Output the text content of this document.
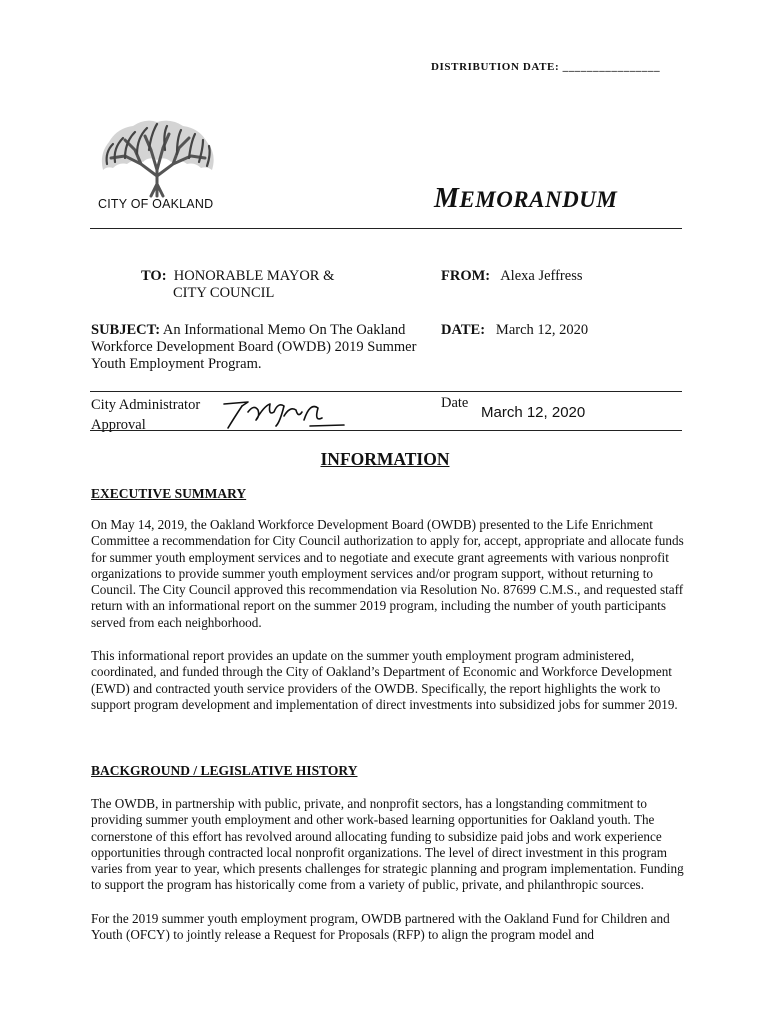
DISTRIBUTION DATE: ________________
CITY OF OAKLAND	MEMORANDUM
TO: HONORABLE MAYOR &
CITY COUNCIL
FROM: Alexa Jeffress
SUBJECT: An Informational Memo On The Oakland Workforce Development Board (OWDB) 2019 Summer Youth Employment Program.
DATE: March 12, 2020
City Administrator
Approval
Date
March 12, 2020
INFORMATION
EXECUTIVE SUMMARY
On May 14, 2019, the Oakland Workforce Development Board (OWDB) presented to the Life Enrichment Committee a recommendation for City Council authorization to apply for, accept, appropriate and allocate funds for summer youth employment services and to negotiate and execute grant agreements with various nonprofit organizations to provide summer youth employment services and/or program support, without returning to Council. The City Council approved this recommendation via Resolution No. 87699 C.M.S., and requested staff return with an informational report on the summer 2019 program, including the number of youth participants served from each neighborhood.
This informational report provides an update on the summer youth employment program administered, coordinated, and funded through the City of Oakland’s Department of Economic and Workforce Development (EWD) and contracted youth service providers of the OWDB. Specifically, the report highlights the work to support program development and implementation of direct investments into subsidized jobs for summer 2019.
BACKGROUND / LEGISLATIVE HISTORY
The OWDB, in partnership with public, private, and nonprofit sectors, has a longstanding commitment to providing summer youth employment and other work-based learning opportunities for Oakland youth. The cornerstone of this effort has revolved around allocating funding to subsidize paid jobs and work experience opportunities through contracted local nonprofit organizations. The level of direct investment in this program varies from year to year, which presents challenges for strategic planning and program implementation. Funding to support the program has historically come from a variety of public, private, and philanthropic sources.
For the 2019 summer youth employment program, OWDB partnered with the Oakland Fund for Children and Youth (OFCY) to jointly release a Request for Proposals (RFP) to align the program model and
